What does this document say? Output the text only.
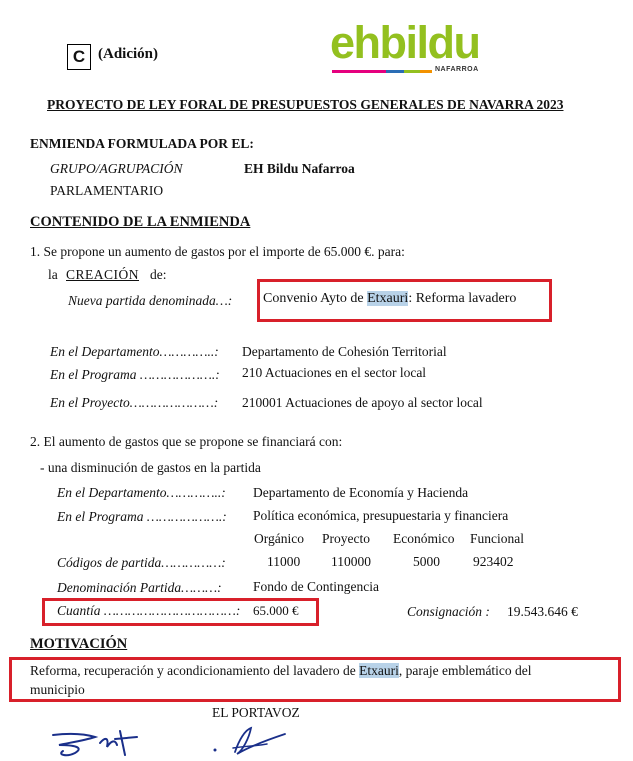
C (Adición)	ehbildu
NAFARROA
PROYECTO DE LEY FORAL DE PRESUPUESTOS GENERALES DE NAVARRA 2023
ENMIENDA FORMULADA POR EL:
GRUPO/AGRUPACIÓN
PARLAMENTARIO
EH Bildu Nafarroa
CONTENIDO DE LA ENMIENDA
1. Se propone un aumento de gastos por el importe de 65.000 €. para:
la CREACIÓN de:
Nueva partida denominada…: Convenio Ayto de Etxauri: Reforma lavadero
En el Departamento…………..: Departamento de Cohesión Territorial
En el Programa ……………….: 210 Actuaciones en el sector local
En el Proyecto…………………: 210001 Actuaciones de apoyo al sector local
2. El aumento de gastos que se propone se financiará con:
- una disminución de gastos en la partida
En el Departamento…………..: Departamento de Economía y Hacienda
En el Programa ……………….: Política económica, presupuestaria y financiera
Orgánico Proyecto Económico Funcional
Códigos de partida……………:	11000 110000	5000 923402
Denominación Partida………: Fondo de Contingencia
Cuantía ……………………………: 65.000 €	Consignación : 19.543.646 €
MOTIVACIÓN
Reforma, recuperación y acondicionamiento del lavadero de Etxauri, paraje emblemático del
municipio
EL PORTAVOZ
